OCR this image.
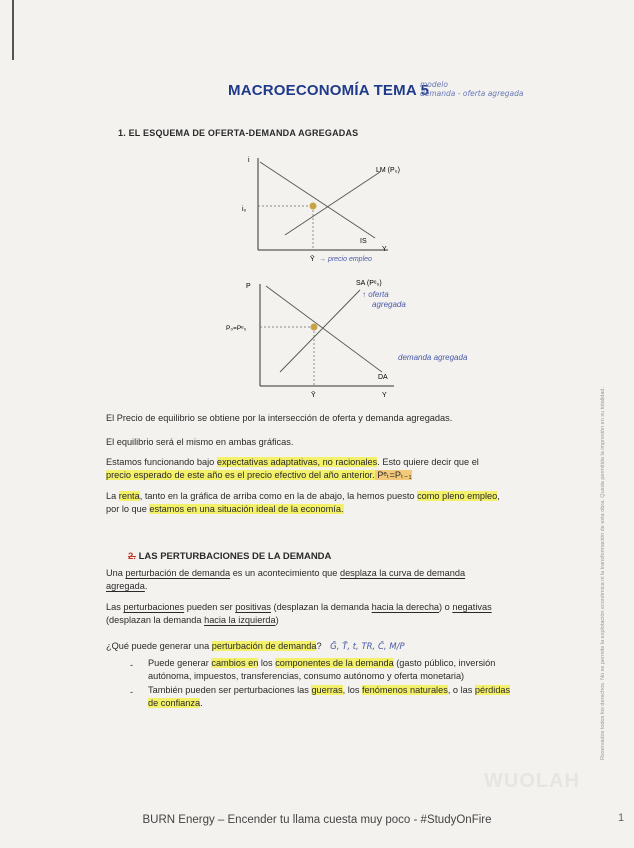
MACROECONOMÍA TEMA 5
modelo
demanda - oferta agregada
1. EL ESQUEMA DE OFERTA-DEMANDA AGREGADAS
i
Y
LM (P₀)
IS
i₀
Ȳ → precio empleo
P
Y
SA (Pᵉ₀)
↑ oferta
agregada
DA
demanda agregada
P₀=Pᵉ₀
Ȳ
El Precio de equilibrio se obtiene por la intersección de oferta y demanda agregadas.
El equilibrio será el mismo en ambas gráficas.
Estamos funcionando bajo expectativas adaptativas, no racionales. Esto quiere decir que el
precio esperado de este año es el precio efectivo del año anterior. Pᵉₜ=Pₜ₋₁
La renta, tanto en la gráfica de arriba como en la de abajo, la hemos puesto como pleno empleo,
por lo que estamos en una situación ideal de la economía.
2. LAS PERTURBACIONES DE LA DEMANDA
Una perturbación de demanda es un acontecimiento que desplaza la curva de demanda
agregada.
Las perturbaciones pueden ser positivas (desplazan la demanda hacia la derecha) o negativas
(desplazan la demanda hacia la izquierda)
¿Qué puede generar una perturbación de demanda? Ḡ, T̄, t, TR, C̄, M/P
- Puede generar cambios en los componentes de la demanda (gasto público, inversión
autónoma, impuestos, transferencias, consumo autónomo y oferta monetaria)
- También pueden ser perturbaciones las guerras, los fenómenos naturales, o las pérdidas
de confianza.
WUOLAH
Reservados todos los derechos. No se permite la explotación económica ni la transformación de esta obra. Queda permitida la impresión en su totalidad.
BURN Energy – Encender tu llama cuesta muy poco - #StudyOnFire	1
